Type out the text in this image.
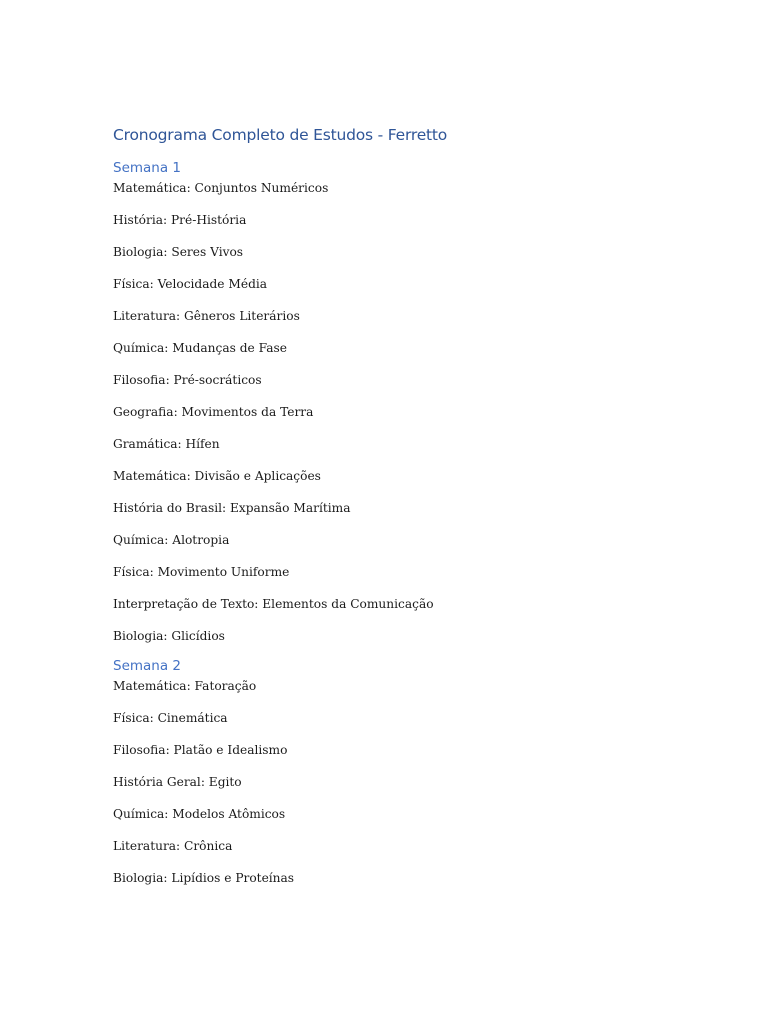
Cronograma Completo de Estudos - Ferretto
Semana 1
Matemática: Conjuntos Numéricos
História: Pré-História
Biologia: Seres Vivos
Física: Velocidade Média
Literatura: Gêneros Literários
Química: Mudanças de Fase
Filosofia: Pré-socráticos
Geografia: Movimentos da Terra
Gramática: Hífen
Matemática: Divisão e Aplicações
História do Brasil: Expansão Marítima
Química: Alotropia
Física: Movimento Uniforme
Interpretação de Texto: Elementos da Comunicação
Biologia: Glicídios
Semana 2
Matemática: Fatoração
Física: Cinemática
Filosofia: Platão e Idealismo
História Geral: Egito
Química: Modelos Atômicos
Literatura: Crônica
Biologia: Lipídios e Proteínas
